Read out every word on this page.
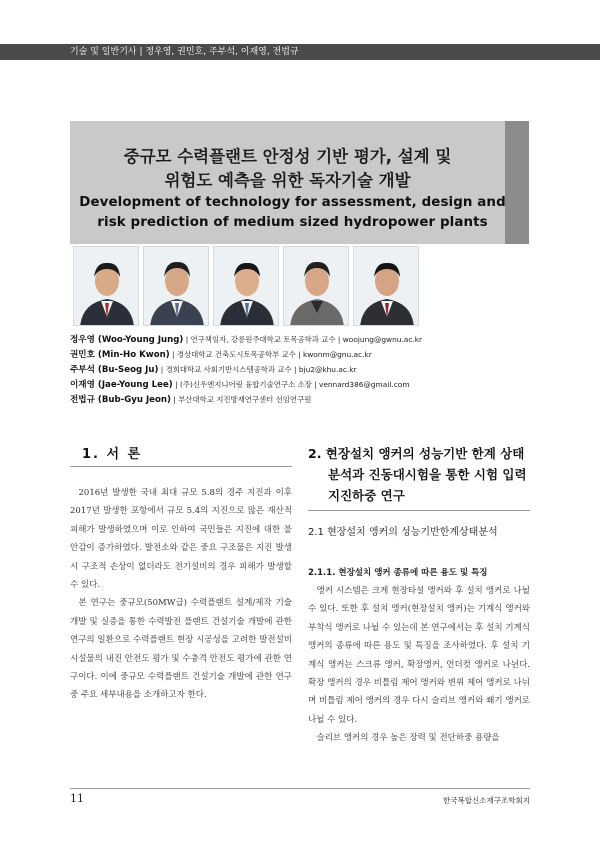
기술 및 일반기사 | 정우영, 권민호, 주부석, 이재영, 전법규
중규모 수력플랜트 안정성 기반 평가, 설계 및
위험도 예측을 위한 독자기술 개발
Development of technology for assessment, design and
risk prediction of medium sized hydropower plants
정우영 (Woo-Young Jung) | 연구책임자, 강릉원주대학교 토목공학과 교수 | woojung@gwnu.ac.kr
권민호 (Min-Ho Kwon) | 경상대학교 건축도시토목공학부 교수 | kwonm@gnu.ac.kr
주부석 (Bu-Seog Ju) | 경희대학교 사회기반시스템공학과 교수 | bju2@khu.ac.kr
이재영 (Jae-Young Lee) | (주)신우엔지니어링 융합기술연구소 소장 | vennard386@gmail.com
전법규 (Bub-Gyu Jeon) | 부산대학교 지진방재연구센터 선임연구원
1. 서 론

2016년 발생한 국내 최대 규모 5.8의 경주 지진과 이후 2017년 발생한 포항에서 규모 5.4의 지진으로 많은 재산적 피해가 발생하였으며 이로 인하여 국민들은 지진에 대한 불안감이 증가하였다. 발전소와 같은 중요 구조물은 지진 발생 시 구조적 손상이 없더라도 전기설비의 경우 피해가 발생할 수 있다.

본 연구는 중규모(50MW급) 수력플랜트 설계/제작 기술 개발 및 실증을 통한 수력발전 플랜트 건설기술 개발에 관한 연구의 일환으로 수력플랜트 현장 시공성을 고려한 발전설비 시설물의 내진 안전도 평가 및 수충격 안전도 평가에 관한 연구이다. 이에 중규모 수력플랜트 건설기술 개발에 관한 연구 중 주요 세부내용을 소개하고자 한다.

2. 현장설치 앵커의 성능기반 한계 상태
분석과 진동대시험을 통한 시험 입력
지진하중 연구
2.1 현장설치 앵커의 성능기반한계상태분석
2.1.1. 현장설치 앵커 종류에 따른 용도 및 특징

앵커 시스템은 크게 현장타설 앵커와 후 설치 앵커로 나뉠 수 있다. 또한 후 설치 앵커(현장설치 앵커)는 기계식 앵커와 부착식 앵커로 나뉠 수 있는데 본 연구에서는 후 설치 기계식 앵커의 종류에 따른 용도 및 특징을 조사하였다. 후 설치 기계식 앵커는 스크류 앵커, 확장앵커, 언더컷 앵커로 나뉜다. 확장 앵커의 경우 비틀림 제어 앵커와 변위 제어 앵커로 나뉘며 비틀림 제어 앵커의 경우 다시 슬리브 앵커와 쐐기 앵커로 나뉠 수 있다.

슬리브 앵커의 경우 높은 장력 및 전단하중 용량을

11	한국복합신소재구조학회지
